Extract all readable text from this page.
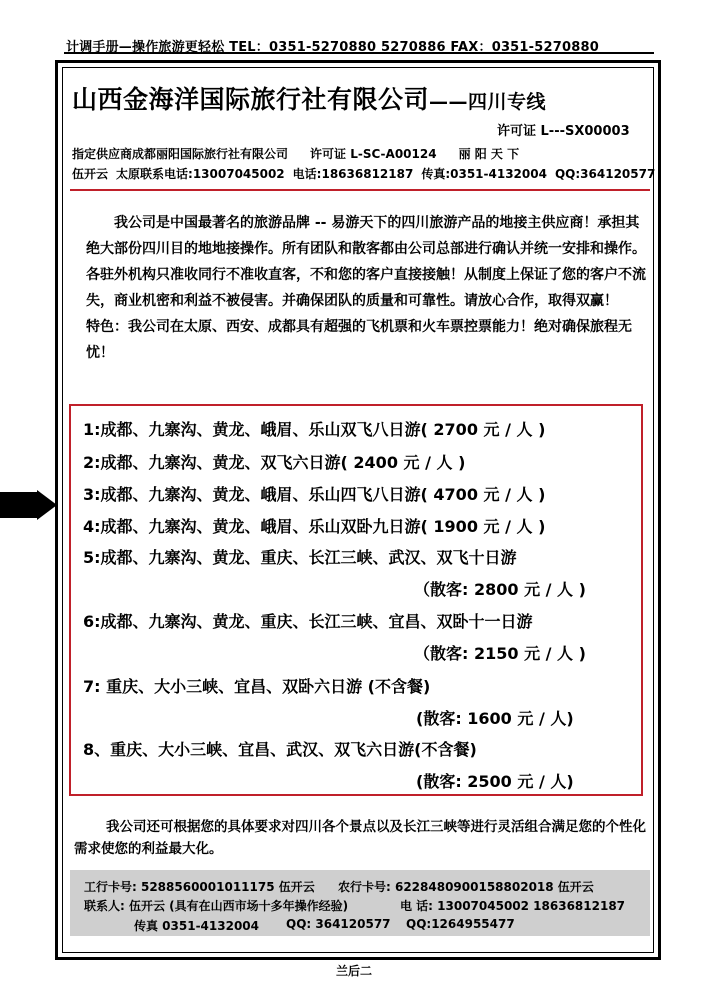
计调手册—操作旅游更轻松 TEL：0351-5270880 5270886 FAX：0351-5270880
山西金海洋国际旅行社有限公司——四川专线
许可证 L---SX00003
指定供应商成都丽阳国际旅行社有限公司 许可证 L-SC-A00124 丽 阳 天 下
伍开云 太原联系电话:13007045002 电话:18636812187 传真:0351-4132004 QQ:364120577

我公司是中国最著名的旅游品牌 -- 易游天下的四川旅游产品的地接主供应商！承担其绝大部份四川目的地地接操作。所有团队和散客都由公司总部进行确认并统一安排和操作。各驻外机构只准收同行不准收直客，不和您的客户直接接触！从制度上保证了您的客户不流失，商业机密和利益不被侵害。并确保团队的质量和可靠性。请放心合作，取得双赢！

特色：我公司在太原、西安、成都具有超强的飞机票和火车票控票能力！绝对确保旅程无忧！

1:成都、九寨沟、黄龙、峨眉、乐山双飞八日游( 2700 元 / 人 )
2:成都、九寨沟、黄龙、双飞六日游( 2400 元 / 人 )
3:成都、九寨沟、黄龙、峨眉、乐山四飞八日游( 4700 元 / 人 )
4:成都、九寨沟、黄龙、峨眉、乐山双卧九日游( 1900 元 / 人 )
5:成都、九寨沟、黄龙、重庆、长江三峡、武汉、双飞十日游
（散客: 2800 元 / 人 )
6:成都、九寨沟、黄龙、重庆、长江三峡、宜昌、双卧十一日游
（散客: 2150 元 / 人 )
7: 重庆、大小三峡、宜昌、双卧六日游 (不含餐)
(散客: 1600 元 / 人)
8、重庆、大小三峡、宜昌、武汉、双飞六日游(不含餐)
(散客: 2500 元 / 人)

我公司还可根据您的具体要求对四川各个景点以及长江三峡等进行灵活组合满足您的个性化需求使您的利益最大化。

工行卡号: 5288560001011175 伍开云 农行卡号: 6228480900158802018 伍开云
联系人: 伍开云 (具有在山西市场十多年操作经验)	电 话: 13007045002 18636812187
传真 0351-4132004 QQ: 364120577 QQ:1264955477
兰后二
